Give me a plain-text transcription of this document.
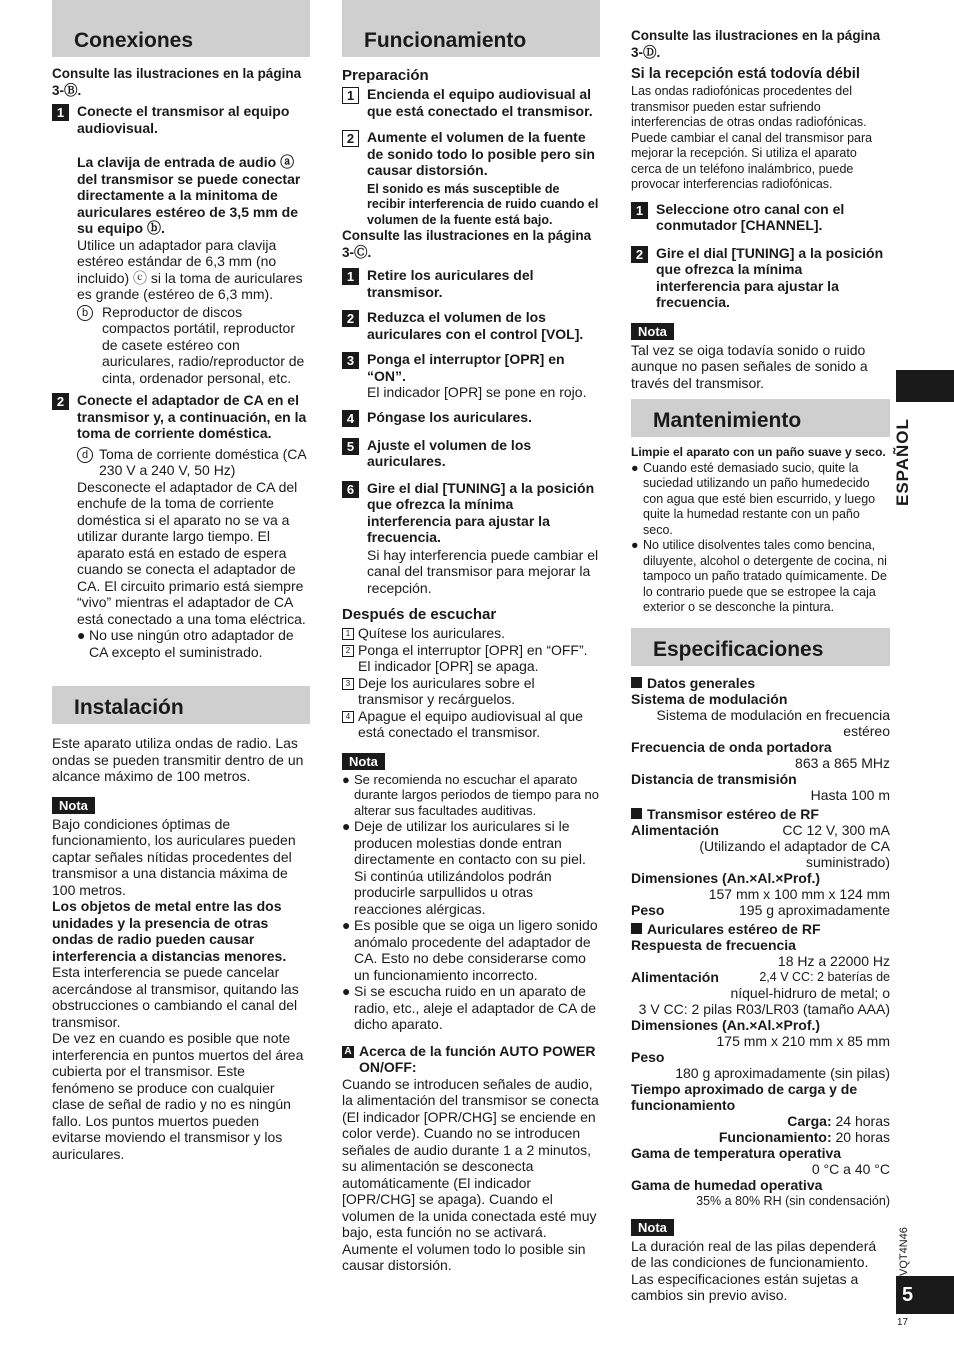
Conexiones

Consulte las ilustraciones en la página 3-Ⓑ.

1 Conecte el transmisor al equipo audiovisual.

La clavija de entrada de audio ⓐ del transmisor se puede conectar directamente a la minitoma de auriculares estéreo de 3,5 mm de su equipo ⓑ.

Utilice un adaptador para clavija estéreo estándar de 6,3 mm (no incluido) ⓒ si la toma de auriculares es grande (estéreo de 6,3 mm).

b Reproductor de discos compactos portátil, reproductor de casete estéreo con auriculares, radio/reproductor de cinta, ordenador personal, etc.
2 Conecte el adaptador de CA en el transmisor y, a continuación, en la toma de corriente doméstica.
d Toma de corriente doméstica (CA 230 V a 240 V, 50 Hz)

Desconecte el adaptador de CA del enchufe de la toma de corriente doméstica si el aparato no se va a utilizar durante largo tiempo. El aparato está en estado de espera cuando se conecta el adaptador de CA. El circuito primario está siempre “vivo” mientras el adaptador de CA está conectado a una toma eléctrica.

● No use ningún otro adaptador de CA excepto el suministrado.
Instalación

Este aparato utiliza ondas de radio. Las ondas se pueden transmitir dentro de un alcance máximo de 100 metros.

Nota

Bajo condiciones óptimas de funcionamiento, los auriculares pueden captar señales nítidas procedentes del transmisor a una distancia máxima de 100 metros.

Los objetos de metal entre las dos unidades y la presencia de otras ondas de radio pueden causar interferencia a distancias menores.

Esta interferencia se puede cancelar acercándose al transmisor, quitando las obstrucciones o cambiando el canal del transmisor.

De vez en cuando es posible que note interferencia en puntos muertos del área cubierta por el transmisor. Este fenómeno se produce con cualquier clase de señal de radio y no es ningún fallo. Los puntos muertos pueden evitarse moviendo el transmisor y los auriculares.

Funcionamiento
Preparación
1 Encienda el equipo audiovisual al que está conectado el transmisor.
2 Aumente el volumen de la fuente de sonido todo lo posible pero sin causar distorsión.

El sonido es más susceptible de recibir interferencia de ruido cuando el volumen de la fuente está bajo.

Consulte las ilustraciones en la página 3-Ⓒ.

1 Retire los auriculares del transmisor.
2 Reduzca el volumen de los auriculares con el control [VOL].
3 Ponga el interruptor [OPR] en “ON”.

El indicador [OPR] se pone en rojo.

4 Póngase los auriculares.
5 Ajuste el volumen de los auriculares.
6 Gire el dial [TUNING] a la posición que ofrezca la mínima interferencia para ajustar la frecuencia.

Si hay interferencia puede cambiar el canal del transmisor para mejorar la recepción.

Después de escuchar
1 Quítese los auriculares.
2 Ponga el interruptor [OPR] en “OFF”. El indicador [OPR] se apaga.
3 Deje los auriculares sobre el transmisor y recárguelos.
4 Apague el equipo audiovisual al que está conectado el transmisor.
Nota
● Se recomienda no escuchar el aparato durante largos periodos de tiempo para no alterar sus facultades auditivas.
● Deje de utilizar los auriculares si le producen molestias donde entran directamente en contacto con su piel. Si continúa utilizándolos podrán producirle sarpullidos u otras reacciones alérgicas.
● Es posible que se oiga un ligero sonido anómalo procedente del adaptador de CA. Esto no debe considerarse como un funcionamiento incorrecto.
● Si se escucha ruido en un aparato de radio, etc., aleje el adaptador de CA de dicho aparato.
A Acerca de la función AUTO POWER ON/OFF:

Cuando se introducen señales de audio, la alimentación del transmisor se conecta (El indicador [OPR/CHG] se enciende en color verde). Cuando no se introducen señales de audio durante 1 a 2 minutos, su alimentación se desconecta automáticamente (El indicador [OPR/CHG] se apaga). Cuando el volumen de la unida conectada esté muy bajo, esta función no se activará. Aumente el volumen todo lo posible sin causar distorsión.

Consulte las ilustraciones en la página 3-Ⓓ.

Si la recepción está todovía débil

Las ondas radiofónicas procedentes del transmisor pueden estar sufriendo interferencias de otras ondas radiofónicas. Puede cambiar el canal del transmisor para mejorar la recepción. Si utiliza el aparato cerca de un teléfono inalámbrico, puede provocar interferencias radiofónicas.

1 Seleccione otro canal con el conmutador [CHANNEL].
2 Gire el dial [TUNING] a la posición que ofrezca la mínima interferencia para ajustar la frecuencia.
Nota

Tal vez se oiga todavía sonido o ruido aunque no pasen señales de sonido a través del transmisor.

Mantenimiento

Limpie el aparato con un paño suave y seco.

● Cuando esté demasiado sucio, quite la suciedad utilizando un paño humedecido con agua que esté bien escurrido, y luego quite la humedad restante con un paño seco.
● No utilice disolventes tales como bencina, diluyente, alcohol o detergente de cocina, ni tampoco un paño tratado químicamente. De lo contrario puede que se estropee la caja exterior o se desconche la pintura.
Especificaciones
Datos generales
Sistema de modulación
Sistema de modulación en frecuencia estéreo
Frecuencia de onda portadora
863 a 865 MHz
Distancia de transmisión
Hasta 100 m
Transmisor estéreo de RF
Alimentación	CC 12 V, 300 mA
(Utilizando el adaptador de CA suministrado)
Dimensiones (An.×Al.×Prof.)
157 mm x 100 mm x 124 mm
Peso	195 g aproximadamente
Auriculares estéreo de RF
Respuesta de frecuencia
18 Hz a 22000 Hz
Alimentación	2,4 V CC: 2 baterías de
níquel-hidruro de metal; o
3 V CC: 2 pilas R03/LR03 (tamaño AAA)
Dimensiones (An.×Al.×Prof.)
175 mm x 210 mm x 85 mm
Peso
180 g aproximadamente (sin pilas)
Tiempo aproximado de carga y de funcionamiento
Carga: 24 horas
Funcionamiento: 20 horas
Gama de temperatura operativa
0 °C a 40 °C
Gama de humedad operativa
35% a 80% RH (sin condensación)
Nota

La duración real de las pilas dependerá de las condiciones de funcionamiento. Las especificaciones están sujetas a cambios sin previo aviso.

ESPAÑOL
VQT4N46
5
17
